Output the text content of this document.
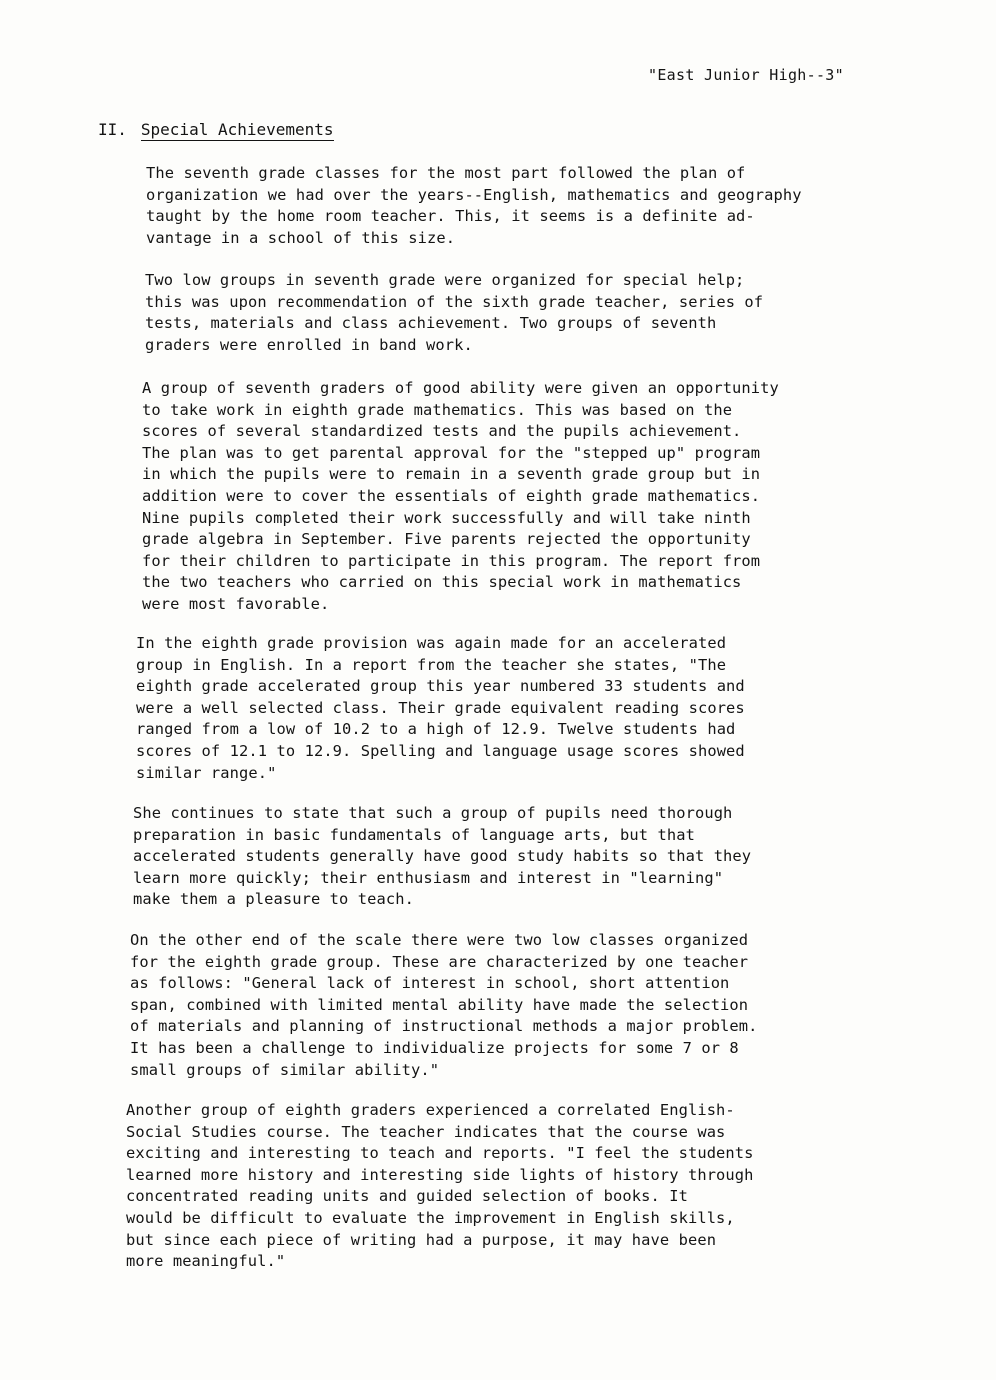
"East Junior High--3"
II. Special Achievements
The seventh grade classes for the most part followed the plan of
organization we had over the years--English, mathematics and geography
taught by the home room teacher. This, it seems is a definite ad-
vantage in a school of this size.
Two low groups in seventh grade were organized for special help;
this was upon recommendation of the sixth grade teacher, series of
tests, materials and class achievement. Two groups of seventh
graders were enrolled in band work.
A group of seventh graders of good ability were given an opportunity
to take work in eighth grade mathematics. This was based on the
scores of several standardized tests and the pupils achievement.
The plan was to get parental approval for the "stepped up" program
in which the pupils were to remain in a seventh grade group but in
addition were to cover the essentials of eighth grade mathematics.
Nine pupils completed their work successfully and will take ninth
grade algebra in September. Five parents rejected the opportunity
for their children to participate in this program. The report from
the two teachers who carried on this special work in mathematics
were most favorable.
In the eighth grade provision was again made for an accelerated
group in English. In a report from the teacher she states, "The
eighth grade accelerated group this year numbered 33 students and
were a well selected class. Their grade equivalent reading scores
ranged from a low of 10.2 to a high of 12.9. Twelve students had
scores of 12.1 to 12.9. Spelling and language usage scores showed
similar range."
She continues to state that such a group of pupils need thorough
preparation in basic fundamentals of language arts, but that
accelerated students generally have good study habits so that they
learn more quickly; their enthusiasm and interest in "learning"
make them a pleasure to teach.
On the other end of the scale there were two low classes organized
for the eighth grade group. These are characterized by one teacher
as follows: "General lack of interest in school, short attention
span, combined with limited mental ability have made the selection
of materials and planning of instructional methods a major problem.
It has been a challenge to individualize projects for some 7 or 8
small groups of similar ability."
Another group of eighth graders experienced a correlated English-
Social Studies course. The teacher indicates that the course was
exciting and interesting to teach and reports. "I feel the students
learned more history and interesting side lights of history through
concentrated reading units and guided selection of books. It
would be difficult to evaluate the improvement in English skills,
but since each piece of writing had a purpose, it may have been
more meaningful."
